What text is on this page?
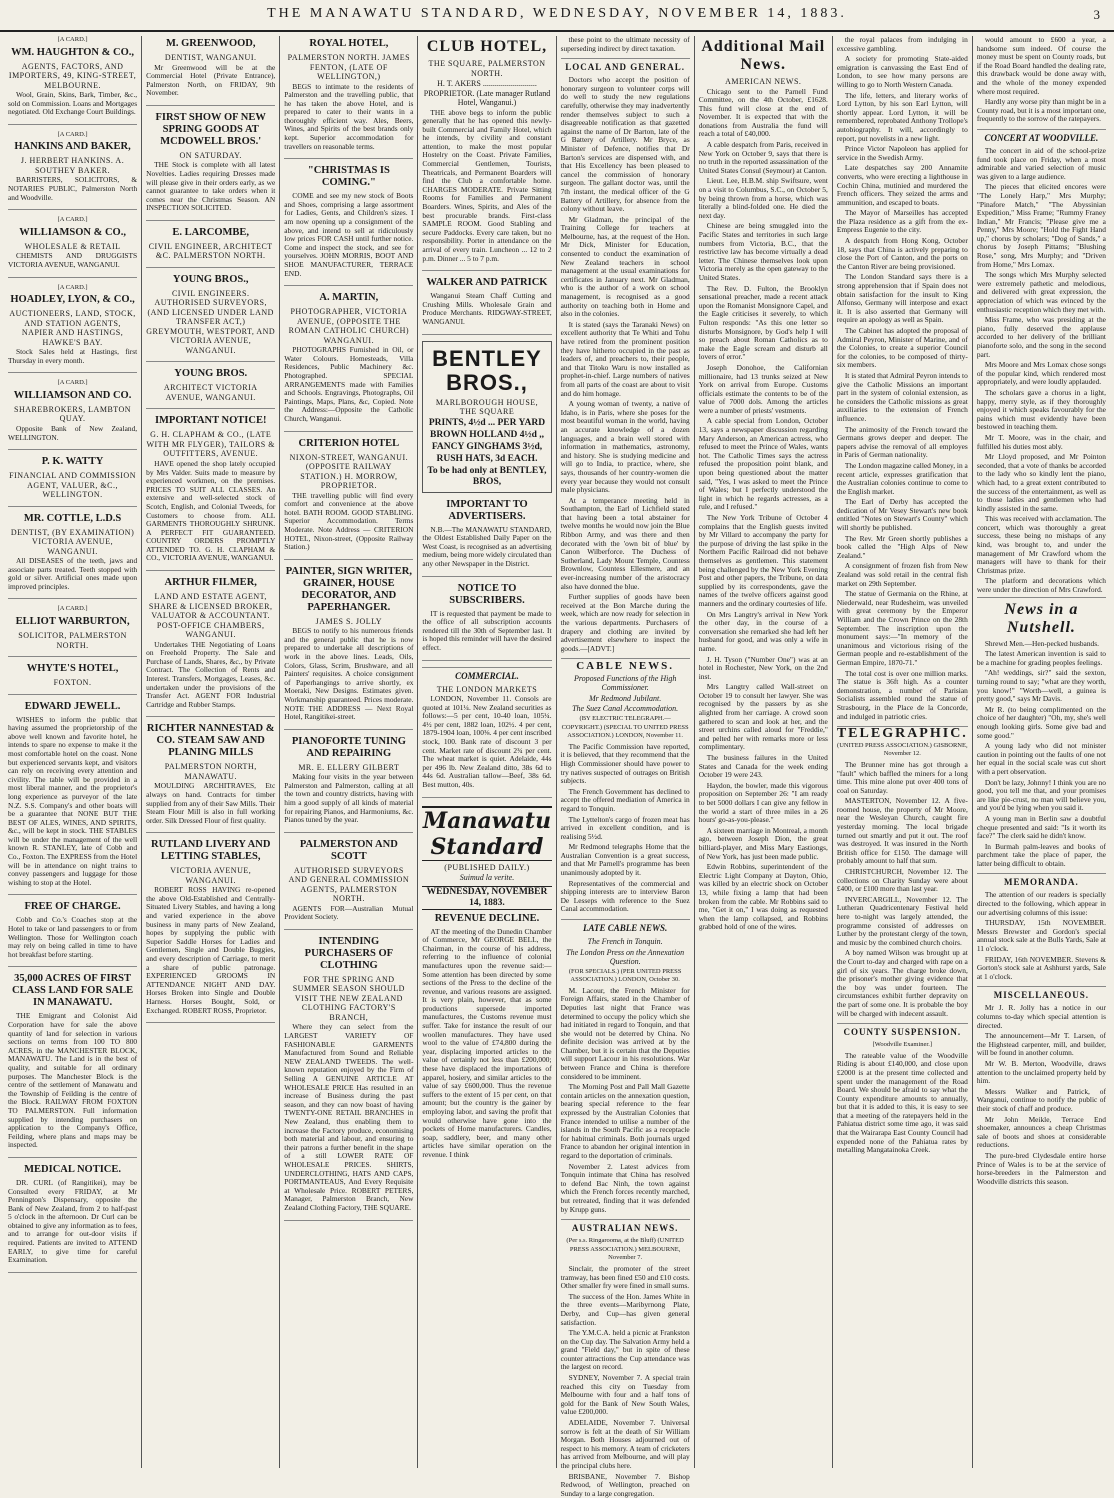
THE MANAWATU STANDARD, WEDNESDAY, NOVEMBER 14, 1883.	3
[A CARD.]
WM. HAUGHTON & CO.,
AGENTS, FACTORS, AND IMPORTERS, 49, KING-STREET, MELBOURNE.
Wool, Grain, Skins, Bark, Timber, &c., sold on Commission. Loans and Mortgages negotiated. Old Exchange Court Buildings.
[A CARD.]
HANKINS AND BAKER,
J. HERBERT HANKINS. A. SOUTHEY BAKER.
BARRISTERS, SOLICITORS, & NOTARIES PUBLIC, Palmerston North and Woodville.
[A CARD.]
WILLIAMSON & CO.,
WHOLESALE & RETAIL
CHEMISTS AND DRUGGISTS VICTORIA AVENUE, WANGANUI.
[A CARD.]
HOADLEY, LYON, & CO.,
AUCTIONEERS, LAND, STOCK, AND STATION AGENTS, NAPIER AND HASTINGS, HAWKE'S BAY.
Stock Sales held at Hastings, first Thursday in every month.
[A CARD.]
WILLIAMSON AND CO.
SHAREBROKERS, LAMBTON QUAY.
Opposite Bank of New Zealand, WELLINGTON.
P. K. WATTY
FINANCIAL AND COMMISSION AGENT, VALUER, &C., WELLINGTON.
MR. COTTLE, L.D.S
DENTIST, (BY EXAMINATION) VICTORIA AVENUE, WANGANUI.
All DISEASES of the teeth, jaws and associate parts treated. Teeth stopped with gold or silver. Artificial ones made upon improved principles.
[A CARD.]
ELLIOT WARBURTON,
SOLICITOR, PALMERSTON NORTH.
WHYTE'S HOTEL,
FOXTON.
EDWARD JEWELL.
WISHES to inform the public that having assumed the proprietorship of the above well known and favorite hotel, he intends to spare no expense to make it the most comfortable hotel on the coast. None but experienced servants kept, and visitors can rely on receiving every attention and civility. The table will be provided in a most liberal manner, and the proprietor's long experience as purveyor of the late N.Z. S.S. Company's and other boats will be a guarantee that NONE BUT THE BEST OF ALES, WINES, AND SPIRITS, &c., will be kept in stock. THE STABLES will be under the management of the well known R. STANLEY, late of Cobb and Co., Foxton. The EXPRESS from the Hotel will be in attendance on night trains to convey passengers and luggage for those wishing to stop at the Hotel.
FREE OF CHARGE.
Cobb and Co.'s Coaches stop at the Hotel to take or land passengers to or from Wellington. Those for Wellington coach may rely on being called in time to have hot breakfast before starting.
35,000 ACRES OF FIRST CLASS LAND FOR SALE IN MANAWATU.
THE Emigrant and Colonist Aid Corporation have for sale the above quantity of land for selection in various sections on terms from 100 TO 800 ACRES, in the MANCHESTER BLOCK, MANAWATU. The Land is in the best of quality, and suitable for all ordinary purposes. The Manchester Block is the centre of the settlement of Manawatu and the Township of Feilding is the centre of the Block. RAILWAY FROM FOXTON TO PALMERSTON. Full information supplied by intending purchasers on application to the Company's Office, Feilding, where plans and maps may be inspected.
MEDICAL NOTICE.
DR. CURL (of Rangitikei), may be Consulted every FRIDAY, at Mr Pennington's Dispensary, opposite the Bank of New Zealand, from 2 to half-past 5 o'clock in the afternoon. Dr Curl can be obtained to give any information as to fees, and to arrange for out-door visits if required. Patients are invited to ATTEND EARLY, to give time for careful Examination.
M. GREENWOOD,
DENTIST, WANGANUI.
Mr Greenwood will be at the Commercial Hotel (Private Entrance), Palmerston North, on FRIDAY, 9th November.
FIRST SHOW OF NEW SPRING GOODS AT MCDOWELL BROS.'
ON SATURDAY.
THE Stock is complete with all latest Novelties. Ladies requiring Dresses made will please give in their orders early, as we cannot guarantee to take orders when it comes near the Christmas Season. AN INSPECTION SOLICITED.
E. LARCOMBE,
CIVIL ENGINEER, ARCHITECT &C. PALMERSTON NORTH.
YOUNG BROS.,
CIVIL ENGINEERS. AUTHORISED SURVEYORS, (AND LICENSED UNDER LAND TRANSFER ACT,) GREYMOUTH, WESTPORT, AND VICTORIA AVENUE, WANGANUI.
YOUNG BROS.
ARCHITECT VICTORIA AVENUE, WANGANUI.
IMPORTANT NOTICE!
G. H. CLAPHAM & CO., (LATE WITH MR FLYGER), TAILORS & OUTFITTERS, AVENUE.
HAVE opened the shop lately occupied by Mrs Valder. Suits made to measure by experienced workmen, on the premises. PRICES TO SUIT ALL CLASSES. An extensive and well-selected stock of Scotch, English, and Colonial Tweeds, for Customers to choose from. ALL GARMENTS THOROUGHLY SHRUNK. A PERFECT FIT GUARANTEED. COUNTRY ORDERS PROMPTLY ATTENDED TO. G. H. CLAPHAM & CO., VICTORIA AVENUE, WANGANUI.
ARTHUR FILMER,
LAND AND ESTATE AGENT, SHARE & LICENSED BROKER, VALUATOR & ACCOUNTANT. POST-OFFICE CHAMBERS, WANGANUI.
Undertakes THE Negotiating of Loans on Freehold Property. The Sale and Purchase of Lands, Shares, &c., by Private Contract. The Collection of Rents and Interest. Transfers, Mortgages, Leases, &c. undertaken under the provisions of the Transfer Act. AGENT FOR Industrial Cartridge and Rubber Stamps.
RICHTER NANNESTAD & CO. STEAM SAW AND PLANING MILLS
PALMERSTON NORTH, MANAWATU.
MOULDING ARCHITRAVES, Etc always on hand. Contracts for timber supplied from any of their Saw Mills. Their Steam Flour Mill is also in full working order. Silk Dressed Flour of first quality.
RUTLAND LIVERY AND LETTING STABLES,
VICTORIA AVENUE, WANGANUI.
ROBERT ROSS HAVING re-opened the above Old-Established and Centrally-Situated Livery Stables, and having a long and varied experience in the above business in many parts of New Zealand, hopes by supplying the public with Superior Saddle Horses for Ladies and Gentlemen, Single and Double Buggies, and every description of Carriage, to merit a share of public patronage. EXPERIENCED GROOMS IN ATTENDANCE NIGHT AND DAY. Horses Broken into Single and Double Harness. Horses Bought, Sold, or Exchanged. ROBERT ROSS, Proprietor.
ROYAL HOTEL,
PALMERSTON NORTH. JAMES FENTON, (LATE OF WELLINGTON,)
BEGS to intimate to the residents of Palmerston and the travelling public, that he has taken the above Hotel, and is prepared to cater to their wants in a thoroughly efficient way. Ales, Beers, Wines, and Spirits of the best brands only kept. Superior accommodation for travellers on reasonable terms.
"CHRISTMAS IS COMING."
COME and see my new stock of Boots and Shoes, comprising a large assortment for Ladies, Gents, and Children's sizes. I am now opening up a consignment of the above, and intend to sell at ridiculously low prices FOR CASH until further notice. Come and inspect the stock, and see for yourselves. JOHN MORRIS, BOOT AND SHOE MANUFACTURER, TERRACE END.
A. MARTIN,
PHOTOGRAPHER, VICTORIA AVENUE, (OPPOSITE THE ROMAN CATHOLIC CHURCH) WANGANUI.
PHOTOGRAPHS Furnished in Oil, or Water Colours. Homesteads, Villa Residences, Public Machinery &c. Photographed. SPECIAL ARRANGEMENTS made with Families and Schools. Engravings, Photographs, Oil Paintings, Maps, Plans, &c, Copied. Note the Address:—Opposite the Catholic Church, Wanganui.
CRITERION HOTEL
NIXON-STREET, WANGANUI. (OPPOSITE RAILWAY STATION.) H. MORROW, PROPRIETOR.
THE travelling public will find every comfort and convenience at the above hotel. BATH ROOM. GOOD STABLING. Superior Accommodation. Terms Moderate. Note Address — CRITERION HOTEL, Nixon-street, (Opposite Railway Station.)
PAINTER, SIGN WRITER, GRAINER, HOUSE DECORATOR, AND PAPERHANGER.
JAMES S. JOLLY
BEGS to notify to his numerous friends and the general public that he is now prepared to undertake all descriptions of work in the above lines. Leads, Oils, Colors, Glass, Scrim, Brushware, and all Painters' requisites. A choice consignment of Paperhangings to arrive shortly, ex Moeraki, New Designs. Estimates given. Workmanship guaranteed. Prices moderate. NOTE THE ADDRESS — Next Royal Hotel, Rangitikei-street.
PIANOFORTE TUNING AND REPAIRING
MR. E. ELLERY GILBERT
Making four visits in the year between Palmerston and Palmerston, calling at all the town and country districts, having with him a good supply of all kinds of material for repairing Pianos, and Harmoniums, &c. Pianos tuned by the year.
PALMERSTON AND SCOTT
AUTHORISED SURVEYORS AND GENERAL COMMISSION AGENTS, PALMERSTON NORTH.
AGENTS FOR—Australian Mutual Provident Society.
INTENDING PURCHASERS OF CLOTHING
FOR THE SPRING AND SUMMER SEASON SHOULD VISIT THE NEW ZEALAND CLOTHING FACTORY'S BRANCH,
Where they can select from the LARGEST VARIETY OF FASHIONABLE GARMENTS Manufactured from Sound and Reliable NEW ZEALAND TWEEDS. The well-known reputation enjoyed by the Firm of Selling A GENUINE ARTICLE AT WHOLESALE PRICE Has resulted in an increase of Business during the past season, and they can now boast of having TWENTY-ONE RETAIL BRANCHES in New Zealand, thus enabling them to increase the Factory produce, economising both material and labour, and ensuring to their patrons a further benefit in the shape of a still LOWER RATE OF WHOLESALE PRICES. SHIRTS, UNDERCLOTHING, HATS AND CAPS, PORTMANTEAUS, And Every Requisite at Wholesale Price. ROBERT PETERS, Manager, Palmerston Branch, New Zealand Clothing Factory, THE SQUARE.
CLUB HOTEL,
THE SQUARE, PALMERSTON NORTH.
H. T. AKERS ........................... PROPRIETOR. (Late manager Rutland Hotel, Wanganui.)
THE above begs to inform the public generally that he has opened this newly-built Commercial and Family Hotel, which he intends, by civility and constant attention, to make the most popular Hostelry on the Coast. Private Families, Commercial Gentlemen, Tourists, Theatricals, and Permanent Boarders will find the Club a comfortable home. CHARGES MODERATE. Private Sitting Rooms for Families and Permanent Boarders. Wines, Spirits, and Ales of the best procurable brands. First-class SAMPLE ROOM. Good Stabling and secure Paddocks. Every care taken, but no responsibility. Porter in attendance on the arrival of every train. Luncheon ... 12 to 2 p.m. Dinner ... 5 to 7 p.m.
WALKER AND PATRICK
Wanganui Steam Chaff Cutting and Crushing Mills. Wholesale Grain and Produce Merchants. RIDGWAY-STREET, WANGANUI.
BENTLEY BROS.,
MARLBOROUGH HOUSE, THE SQUARE
PRINTS, 4½d ... PER YARD
BROWN HOLLAND 4½d ,,
FANCY GINGHAMS 3½d,
RUSH HATS, 3d EACH.
To be had only at BENTLEY, BROS,
IMPORTANT TO ADVERTISERS.
N.B.—The MANAWATU STANDARD, the Oldest Established Daily Paper on the West Coast, is recognised as an advertising medium, being more widely circulated than any other Newspaper in the District.
NOTICE TO SUBSCRIBERS.
IT is requested that payment be made to the office of all subscription accounts rendered till the 30th of September last. It is hoped this reminder will have the desired effect.
COMMERCIAL.
THE LONDON MARKETS
LONDON, November 11. Consols are quoted at 101¼. New Zealand securities as follows:—5 per cent, 10-40 loan, 105¼. 4½ per cent, 1882 loan, 102½. 4 per cent, 1879-1904 loan, 100⅜. 4 per cent inscribed stock, 100. Bank rate of discount 3 per cent. Market rate of discount 2¾ per cent. The wheat market is quiet. Adelaide, 44s per 496 lb. New Zealand ditto, 38s 6d to 44s 6d. Australian tallow—Beef, 38s 6d. Best mutton, 40s.
Manawatu Standard
(PUBLISHED DAILY.)
Suimud la verite.
WEDNESDAY, NOVEMBER 14, 1883.
REVENUE DECLINE.
AT the meeting of the Dunedin Chamber of Commerce, Mr GEORGE BELL, the Chairman, in the course of his address, referring to the influence of colonial manufactures upon the revenue said:—Some attention has been directed by some sections of the Press to the decline of the revenue, and various reasons are assigned. It is very plain, however, that as some productions supersede imported manufactures, the Customs revenue must suffer. Take for instance the result of our woollen manufactures. They have used wool to the value of £74,800 during the year, displacing imported articles to the value of certainly not less than £200,000; these have displaced the importations of apparel, hosiery, and similar articles to the value of say £600,000. Thus the revenue suffers to the extent of 15 per cent, on that amount; but the country is the gainer by employing labor, and saving the profit that would otherwise have gone into the pockets of Home manufacturers. Candles, soap, saddlery, beer, and many other articles have similar operation on the revenue. I think
these point to the ultimate necessity of superseding indirect by direct taxation.
LOCAL AND GENERAL.
Doctors who accept the position of honorary surgeon to volunteer corps will do well to study the new regulations carefully, otherwise they may inadvertently render themselves subject to such a disagreeable notification as that gazetted against the name of Dr Barton, late of the G Battery of Artillery. Mr Bryce, as Minister of Defence, notifies that Dr Barton's services are dispensed with, and that His Excellency has been pleased to cancel the commission of honorary surgeon. The gallant doctor was, until the 7th instant, the medical officer of the G Battery of Artillery, for absence from the colony without leave.
Mr Gladman, the principal of the Training College for teachers at Melbourne, has, at the request of the Hon. Mr Dick, Minister for Education, consented to conduct the examination of New Zealand teachers in school management at the usual examinations for certificates in January next. Mr Gladman, who is the author of a work on school management, is recognised as a good authority on teaching both in Home and also in the colonies.
It is stated (says the Taranaki News) on excellent authority that Te Whiti and Tohu have retired from the prominent position they have hitherto occupied in the past as leaders of, and preachers to, their people, and that Titoko Waru is now installed as prophet-in-chief. Large numbers of natives from all parts of the coast are about to visit and do him homage.
A young woman of twenty, a native of Idaho, is in Paris, where she poses for the most beautiful woman in the world, having an accurate knowledge of a dozen languages, and a brain well stored with information in mathematics, astronomy, and history. She is studying medicine and will go to India, to practice, where, she says, thousands of her country-women die every year because they would not consult male physicians.
At a temperance meeting held in Southampton, the Earl of Lichfield stated that having been a total abstainer for twelve months he would now join the Blue Ribbon Army, and was there and then decorated with the 'own bit of blue' by Canon Wilberforce. The Duchess of Sutherland, Lady Mount Temple, Countess Brownlow, Countess Ellesmere, and an ever-increasing number of the aristocracy also have donned the blue.
Further supplies of goods have been received at the Bon Marche during the week, which are now ready for selection in the various departments. Purchasers of drapery and clothing are invited by advertisement elsewhere to inspect the goods.—[ADVT.]
CABLE NEWS.
Proposed Functions of the High Commissioner.
Mr Redmond Jubilant.
The Suez Canal Accommodation.
(BY ELECTRIC TELEGRAPH.—COPYRIGHT.) (SPECIAL TO UNITED PRESS ASSOCIATION.) LONDON, November 11.
The Pacific Commission have reported, it is believed, that they recommend that the High Commissioner should have power to try natives suspected of outrages on British subjects.
The French Government has declined to accept the offered mediation of America in regard to Tonquin.
The Lyttelton's cargo of frozen meat has arrived in excellent condition, and is realising 5½d.
Mr Redmond telegraphs Home that the Australian Convention is a great success, and that Mr Parnell's programme has been unanimously adopted by it.
Representatives of the commercial and shipping interests are to interview Baron De Lesseps with reference to the Suez Canal accommodation.
LATE CABLE NEWS.
The French in Tonquin.
The London Press on the Annexation Question.
(FOR SPECIALS.) (PER UNITED PRESS ASSOCIATION.) LONDON, October 30.
M. Lacour, the French Minister for Foreign Affairs, stated in the Chamber of Deputies last night that France was determined to occupy the policy which she had initiated in regard to Tonquin, and that she would not be deterred by China. No definite decision was arrived at by the Chamber, but it is certain that the Deputies will support Lacour in his resolutions. War between France and China is therefore considered to be imminent.
The Morning Post and Pall Mall Gazette contain articles on the annexation question, bearing special reference to the fear expressed by the Australian Colonies that France intended to utilise a number of the islands in the South Pacific as a receptacle for habitual criminals. Both journals urged France to abandon her original intention in regard to the deportation of criminals.
November 2. Latest advices from Tonquin intimate that China has resolved to defend Bac Ninh, the town against which the French forces recently marched, but retreated, finding that it was defended by Krupp guns.
AUSTRALIAN NEWS.
(Per s.s. Ringarooma, at the Bluff) (UNITED PRESS ASSOCIATION.) MELBOURNE, November 7.
Sinclair, the promoter of the street tramway, has been fined £50 and £10 costs. Other smaller fry were fined in small sums.
The success of the Hon. James White in the three events—Maribyrnong Plate, Derby, and Cup—has given general satisfaction.
The Y.M.C.A. held a picnic at Frankston on the Cup day. The Salvation Army held a grand "Field day," but in spite of these counter attractions the Cup attendance was the largest on record.
SYDNEY, November 7. A special train reached this city on Tuesday from Melbourne with four and a half tons of gold for the Bank of New South Wales, value £200,000.
ADELAIDE, November 7. Universal sorrow is felt at the death of Sir William Morgan. Both Houses adjourned out of respect to his memory. A team of cricketers has arrived from Melbourne, and will play the principal clubs here.
BRISBANE, November 7. Bishop Redwood, of Wellington, preached on Sunday to a large congregation.
Additional Mail News.
AMERICAN NEWS.
Chicago sent to the Parnell Fund Committee, on the 4th October, £1628. This fund will close at the end of November. It is expected that with the donations from Australia the fund will reach a total of £40,000.
A cable despatch from Paris, received in New York on October 9, says that there is no truth in the reported assassination of the United States Consul (Seymour) at Canton.
Lieut. Lee, H.B.M. ship Swiftsure, went on a visit to Columbus, S.C., on October 5, by being thrown from a horse, which was literally a blind-folded one. He died the next day.
Chinese are being smuggled into the Pacific States and territories in such large numbers from Victoria, B.C., that the restrictive law has become virtually a dead letter. The Chinese themselves look upon Victoria merely as the open gateway to the United States.
The Rev. D. Fulton, the Brooklyn sensational preacher, made a recent attack upon the Romanist Monsignore Capel, and the Eagle criticises it severely, to which Fulton responds: "As this one letter so disturbs Monsignore, by God's help I will so preach about Roman Catholics as to make the Eagle scream and disturb all lovers of error."
Joseph Donohoe, the Californian millionaire, had 13 trunks seized at New York on arrival from Europe. Customs officials estimate the contents to be of the value of 7000 dols. Among the articles were a number of priests' vestments.
A cable special from London, October 13, says a newspaper discussion regarding Mary Anderson, an American actress, who refused to meet the Prince of Wales, wants hot. The Catholic Times says the actress refused the proposition point blank, and upon being questioned about the matter said, "Yes, I was asked to meet the Prince of Wales; but I perfectly understood the light in which he regards actresses, as a rule, and I refused."
The New York Tribune of October 4 complains that the English guests invited by Mr Villard to accompany the party for the purpose of driving the last spike in the Northern Pacific Railroad did not behave themselves as gentlemen. This statement being challenged by the New York Evening Post and other papers, the Tribune, on data supplied by its correspondents, gave the names of the twelve officers against good manners and the ordinary courtesies of life.
On Mrs Langtry's arrival in New York the other day, in the course of a conversation she remarked she had left her husband for good, and was only a wife in name.
J. H. Tyson ("Number One") was at an hotel in Rochester, New York, on the 2nd inst.
Mrs Langtry called Wall-street on October 19 to consult her lawyer. She was recognised by the passers by as she alighted from her carriage. A crowd soon gathered to scan and look at her, and the street urchins called aloud for "Freddie," and pelted her with remarks more or less complimentary.
The business failures in the United States and Canada for the week ending October 19 were 243.
Haydon, the bowler, made this vigorous proposition on September 26: "I am ready to bet 5000 dollars I can give any fellow in the world a start of three miles in a 26 hours' go-as-you-please."
A sixteen marriage in Montreal, a month ago, between Joseph Dion, the great billiard-player, and Miss Mary Eastiongs, of New York, has just been made public.
Edwin Robbins, superintendent of the Electric Light Company at Dayton, Ohio, was killed by an electric shock on October 13, while fixing a lamp that had been broken from the cable. Mr Robbins said to me, "Get it on," I was doing as requested when the lamp collapsed, and Robbins grabbed hold of one of the wires.
the royal palaces from indulging in excessive gambling.
A society for promoting State-aided emigration is canvassing the East End of London, to see how many persons are willing to go to North Western Canada.
The life, letters, and literary works of Lord Lytton, by his son Earl Lytton, will shortly appear. Lord Lytton, it will be remembered, reprobated Anthony Trollope's autobiography. It will, accordingly to report, put novelists in a new light.
Prince Victor Napoleon has applied for service in the Swedish Army.
Late despatches say 200 Annamite converts, who were erecting a lighthouse in Cochin China, mutinied and murdered the French officers. They seized the arms and ammunition, and escaped to boats.
The Mayor of Marseilles has accepted the Plaza residence as a gift from the ex-Empress Eugenie to the city.
A despatch from Hong Kong, October 18, says that China is actively preparing to close the Port of Canton, and the ports on the Canton River are being provisioned.
The London Standard says there is a strong apprehension that if Spain does not obtain satisfaction for the insult to King Alfonso, Germany will interpose and exact it. It is also asserted that Germany will require an apology as well as Spain.
The Cabinet has adopted the proposal of Admiral Peyron, Minister of Marine, and of the Colonies, to create a superior Council for the colonies, to be composed of thirty-six members.
It is stated that Admiral Peyron intends to give the Catholic Missions an important part in the system of colonial extension, as he considers the Catholic missions as great auxiliaries to the extension of French influence.
The animosity of the French toward the Germans grows deeper and deeper. The papers advise the removal of all employes in Paris of German nationality.
The London magazine called Money, in a recent article, expresses gratification that the Australian colonies continue to come to the English market.
The Earl of Derby has accepted the dedication of Mr Vesey Stewart's new book entitled "Notes on Stewart's County" which will shortly be published.
The Rev. Mr Green shortly publishes a book called the "High Alps of New Zealand."
A consignment of frozen fish from New Zealand was sold retail in the central fish market on 29th September.
The statue of Germania on the Rhine, at Niederwald, near Rudesheim, was unveiled with great ceremony by the Emperor William and the Crown Prince on the 28th September. The inscription upon the monument says:—"In memory of the unanimous and victorious rising of the German people and re-establishment of the German Empire, 1870-71."
The total cost is over one million marks. The statue is 36ft high. As a counter demonstration, a number of Parisian Socialists assembled round the statue of Strasbourg, in the Place de la Concorde, and indulged in patriotic cries.
TELEGRAPHIC.
(UNITED PRESS ASSOCIATION.) GISBORNE, November 12.
The Brunner mine has got through a "fault" which baffled the miners for a long time. This mine alone put over 400 tons of coal on Saturday.
MASTERTON, November 12. A five-roomed house, the property of Mr Moore, near the Wesleyan Church, caught fire yesterday morning. The local brigade turned out smartly and put it out. The roof was destroyed. It was insured in the North British office for £150. The damage will probably amount to half that sum.
CHRISTCHURCH, November 12. The collections on Charity Sunday were about £400, or £100 more than last year.
INVERCARGILL, November 12. The Lutheran Quadricentenary Festival held here to-night was largely attended, the programme consisted of addresses on Luther by the protestant clergy of the town, and music by the combined church choirs.
A boy named Wilson was brought up at the Court to-day and charged with rape on a girl of six years. The charge broke down, the prisoner's mother giving evidence that the boy was under fourteen. The circumstances exhibit further depravity on the part of some one. It is probable the boy will be charged with indecent assault.
COUNTY SUSPENSION.
[Woodville Examiner.]
The rateable value of the Woodville Riding is about £140,000, and close upon £2000 is at the present time collected and spent under the management of the Road Board. We should be afraid to say what the County expenditure amounts to annually, but that it is added to this, it is easy to see that a meeting of the ratepayers held in the Pahiatua district some time ago, it was said that the Wairarapa East County Council had expended none of the Pahiatua rates by metalling Mangatainoka Creek.
would amount to £600 a year, a handsome sum indeed. Of course the money must be spent on County roads, but if the Road Board handled the dealing rate, this drawback would be done away with, and the whole of the money expended where most required.
Hardly any worse pity than might be in a County road, but it is a most important one, frequently to the sorrow of the ratepayers.
CONCERT AT WOODVILLE.
The concert in aid of the school-prize fund took place on Friday, when a most admirable and varied selection of music was given to a large audience.
The pieces that elicited encores were "The Lonely Harp," Mrs Murphy; "Pinafore Match," "The Abyssinian Expedition," Miss Frame; "Rummy Franey Indian," Mr Francis; "Please give me a Penny," Mrs Moore; "Hold the Fight Hand up," chorus by scholars; "Dog of Sands," a chorus by Joseph Pittams; "Blushing Rose," song, Mrs Murphy; and "Driven from Home," Mrs Lomax.
The songs which Mrs Murphy selected were extremely pathetic and melodious, and delivered with great expression, the appreciation of which was evinced by the enthusiastic reception which they met with.
Miss Frame, who was presiding at the piano, fully deserved the applause accorded to her delivery of the brilliant pianoforte solo, and the song in the second part.
Mrs Moore and Mrs Lomax chose songs of the popular kind, which rendered most appropriately, and were loudly applauded.
The scholars gave a chorus in a light, happy, merry style, as if they thoroughly enjoyed it which speaks favourably for the pains which must evidently have been bestowed in teaching them.
Mr T. Moore, was in the chair, and fulfilled his duties most ably.
Mr Lloyd proposed, and Mr Pointon seconded, that a vote of thanks be accorded to the lady who so kindly lent the piano, which had, to a great extent contributed to the success of the entertainment, as well as to those ladies and gentlemen who had kindly assisted in the same.
This was received with acclamation. The concert, which was thoroughly a great success, these being no mishaps of any kind, was brought to, and under the management of Mr Crawford whom the managers will have to thank for their Christmas prize.
The platform and decorations which were under the direction of Mrs Crawford.
News in a Nutshell.
Shrewd Men.—Hen-pecked husbands.
The latest American invention is said to be a machine for grading peoples feelings.
"Ah! weddings, sir?" said the sexton, turning round to say; "what are they worth, you know!" "Worth—well, a guinea is pretty good," says Mr Davis.
Mr R. (to being complimented on the choice of her daughter) "Oh, my, she's well enough looking girls. Some give bad and some good."
A young lady who did not minister caution in pointing out the faults of one not her equal in the social scale was cut short with a pert observation.
Don't be lazy, Johnny! I think you are no good, you tell me that, and your promises are like pie-crust, no man will believe you, and you'd be lying when you said it.
A young man in Berlin saw a doubtful cheque presented and said: "Is it worth its face?" The clerk said he didn't know.
In Burmah palm-leaves and books of parchment take the place of paper, the latter being difficult to obtain.
MEMORANDA.
The attention of our readers is specially directed to the following, which appear in our advertising columns of this issue:
THURSDAY, 15th NOVEMBER. Messrs Brewster and Gordon's special annual stock sale at the Bulls Yards, Sale at 11 o'clock.
FRIDAY, 16th NOVEMBER. Stevens & Gorton's stock sale at Ashhurst yards, Sale at 1 o'clock.
MISCELLANEOUS.
Mr J. R. Jolly has a notice in our columns to-day which special attention is directed.
The announcement—Mr T. Larsen, of the Highstead carpenter, mill, and builder, will be found in another column.
Mr W. B. Merton, Woodville, draws attention to the unclaimed property held by him.
Messrs Walker and Patrick, of Wanganui, continue to notify the public of their stock of chaff and produce.
Mr John Meikle, Terrace End shoemaker, announces a cheap Christmas sale of boots and shoes at considerable reductions.
The pure-bred Clydesdale entire horse Prince of Wales is to be at the service of horse-breeders in the Palmerston and Woodville districts this season.
